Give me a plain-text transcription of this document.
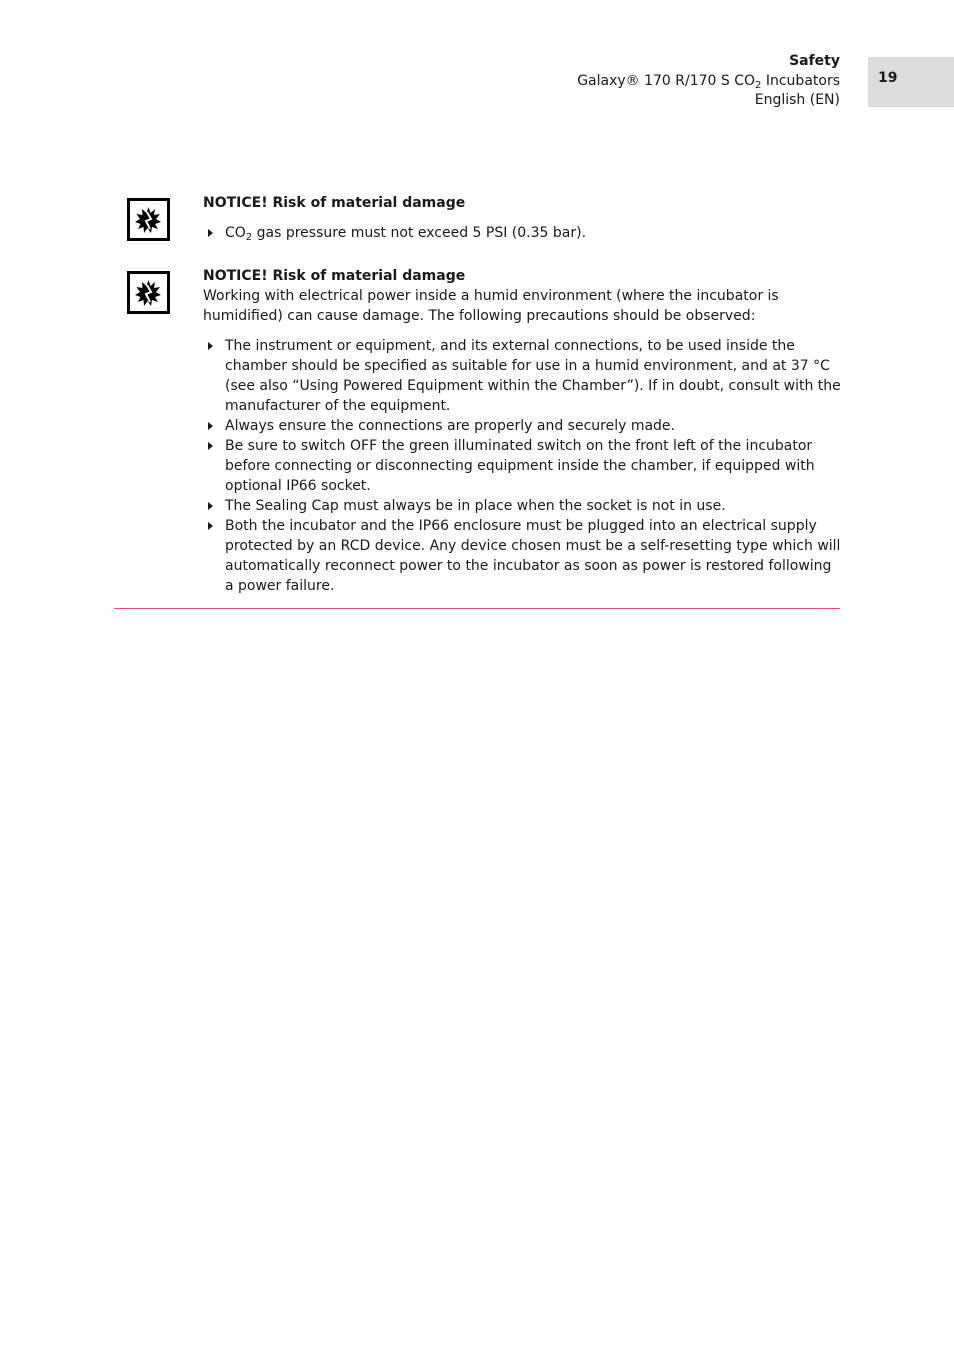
Safety
Galaxy® 170 R/170 S $CO_2$ Incubators
English (EN)
19
NOTICE! Risk of material damage
$CO_2$ gas pressure must not exceed 5 PSI (0.35 bar).
NOTICE! Risk of material damage

Working with electrical power inside a humid environment (where the incubator is humidified) can cause damage. The following precautions should be observed:

The instrument or equipment, and its external connections, to be used inside the chamber should be specified as suitable for use in a humid environment, and at 37 °C (see also “Using Powered Equipment within the Chamber”). If in doubt, consult with the manufacturer of the equipment.
Always ensure the connections are properly and securely made.
Be sure to switch OFF the green illuminated switch on the front left of the incubator before connecting or disconnecting equipment inside the chamber, if equipped with optional IP66 socket.
The Sealing Cap must always be in place when the socket is not in use.
Both the incubator and the IP66 enclosure must be plugged into an electrical supply protected by an RCD device. Any device chosen must be a self-resetting type which will automatically reconnect power to the incubator as soon as power is restored following a power failure.
